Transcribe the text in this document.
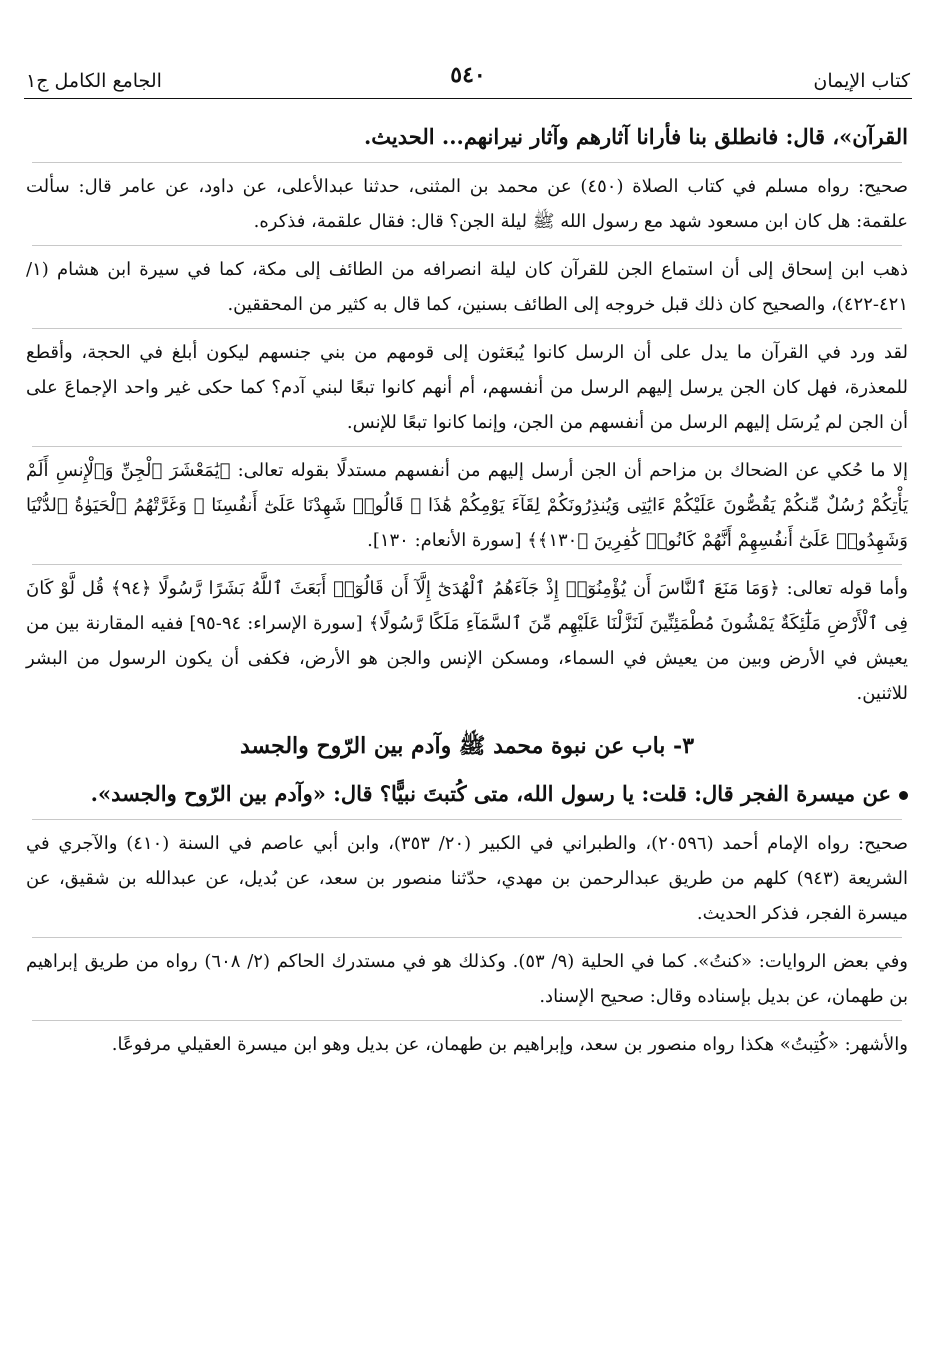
كتاب الإيمان
٥٤٠
الجامع الكامل ج١

القرآن»، قال: فانطلق بنا فأرانا آثارهم وآثار نيرانهم... الحديث.

صحيح: رواه مسلم في كتاب الصلاة (٤٥٠) عن محمد بن المثنى، حدثنا عبدالأعلى، عن داود، عن عامر قال: سألت علقمة: هل كان ابن مسعود شهد مع رسول الله ﷺ ليلة الجن؟ قال: فقال علقمة، فذكره.

ذهب ابن إسحاق إلى أن استماع الجن للقرآن كان ليلة انصرافه من الطائف إلى مكة، كما في سيرة ابن هشام (١/ ٤٢١-٤٢٢)، والصحيح كان ذلك قبل خروجه إلى الطائف بسنين، كما قال به كثير من المحققين.

لقد ورد في القرآن ما يدل على أن الرسل كانوا يُبعَثون إلى قومهم من بني جنسهم ليكون أبلغ في الحجة، وأقطع للمعذرة، فهل كان الجن يرسل إليهم الرسل من أنفسهم، أم أنهم كانوا تبعًا لبني آدم؟ كما حكى غير واحد الإجماعَ على أن الجن لم يُرسَل إليهم الرسل من أنفسهم من الجن، وإنما كانوا تبعًا للإنس.

إلا ما حُكي عن الضحاك بن مزاحم أن الجن أرسل إليهم من أنفسهم مستدلًا بقوله تعالى: ﴿يَٰمَعْشَرَ ٱلْجِنِّ وَٱلْإِنسِ أَلَمْ يَأْتِكُمْ رُسُلٌ مِّنكُمْ يَقُصُّونَ عَلَيْكُمْ ءَايَٰتِى وَيُنذِرُونَكُمْ لِقَآءَ يَوْمِكُمْ هَٰذَا ۚ قَالُوا۟ شَهِدْنَا عَلَىٰٓ أَنفُسِنَا ۖ وَغَرَّتْهُمُ ٱلْحَيَوٰةُ ٱلدُّنْيَا وَشَهِدُوا۟ عَلَىٰٓ أَنفُسِهِمْ أَنَّهُمْ كَانُوا۟ كَٰفِرِينَ ﴿١٣٠﴾﴾ [سورة الأنعام: ١٣٠].

وأما قوله تعالى: ﴿وَمَا مَنَعَ ٱلنَّاسَ أَن يُؤْمِنُوٓا۟ إِذْ جَآءَهُمُ ٱلْهُدَىٰٓ إِلَّآ أَن قَالُوٓا۟ أَبَعَثَ ٱللَّهُ بَشَرًا رَّسُولًا ﴿٩٤﴾ قُل لَّوْ كَانَ فِى ٱلْأَرْضِ مَلَٰٓئِكَةٌ يَمْشُونَ مُطْمَئِنِّينَ لَنَزَّلْنَا عَلَيْهِم مِّنَ ٱلسَّمَآءِ مَلَكًا رَّسُولًا﴾ [سورة الإسراء: ٩٤-٩٥] ففيه المقارنة بين من يعيش في الأرض وبين من يعيش في السماء، ومسكن الإنس والجن هو الأرض، فكفى أن يكون الرسول من البشر للاثنين.

٣- باب عن نبوة محمد ﷺ وآدم بين الرّوح والجسد

عن ميسرة الفجر قال: قلت: يا رسول الله، متى كُتبتَ نبيًّا؟ قال: «وآدم بين الرّوح والجسد».

صحيح: رواه الإمام أحمد (٢٠٥٩٦)، والطبراني في الكبير (٢٠/ ٣٥٣)، وابن أبي عاصم في السنة (٤١٠) والآجري في الشريعة (٩٤٣) كلهم من طريق عبدالرحمن بن مهدي، حدّثنا منصور بن سعد، عن بُديل، عن عبدالله بن شقيق، عن ميسرة الفجر، فذكر الحديث.

وفي بعض الروايات: «كنتُ». كما في الحلية (٩/ ٥٣). وكذلك هو في مستدرك الحاكم (٢/ ٦٠٨) رواه من طريق إبراهيم بن طهمان، عن بديل بإسناده وقال: صحيح الإسناد.

والأشهر: «كُتِبتُ» هكذا رواه منصور بن سعد، وإبراهيم بن طهمان، عن بديل وهو ابن ميسرة العقيلي مرفوعًا.
